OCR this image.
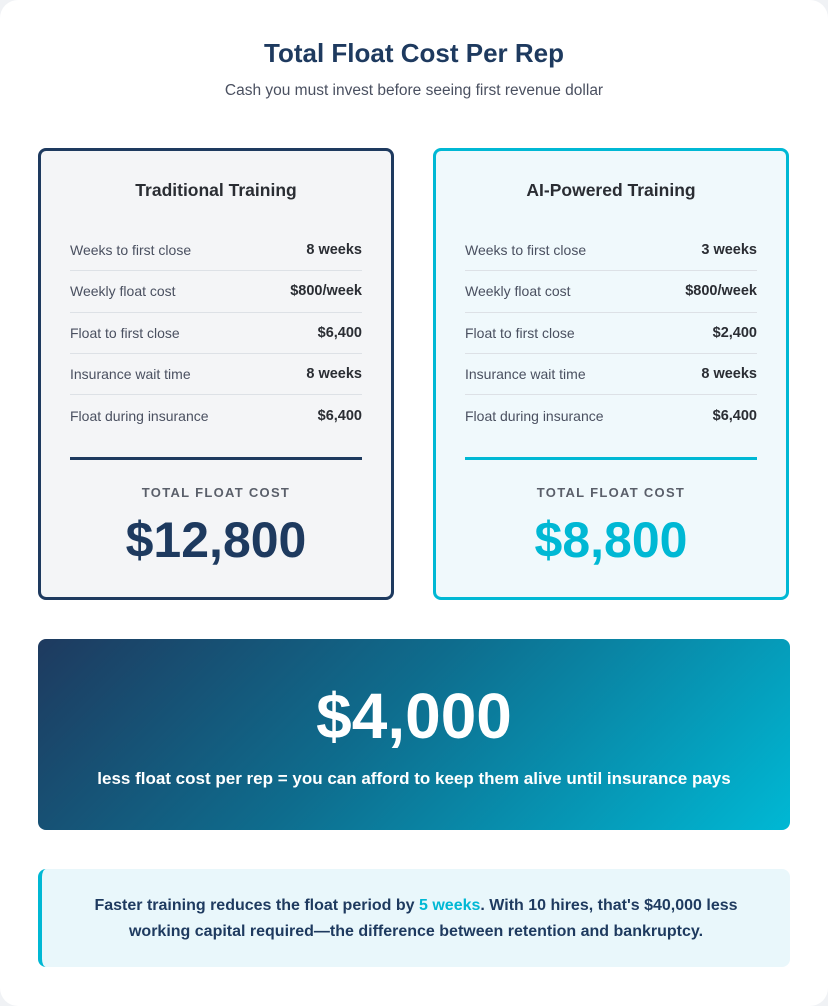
Total Float Cost Per Rep
Cash you must invest before seeing first revenue dollar
Traditional Training
Weeks to first close	8 weeks
Weekly float cost	$800/week
Float to first close	$6,400
Insurance wait time	8 weeks
Float during insurance	$6,400
TOTAL FLOAT COST
$12,800
AI-Powered Training
Weeks to first close	3 weeks
Weekly float cost	$800/week
Float to first close	$2,400
Insurance wait time	8 weeks
Float during insurance	$6,400
TOTAL FLOAT COST
$8,800
$4,000
less float cost per rep = you can afford to keep them alive until insurance pays
Faster training reduces the float period by 5 weeks. With 10 hires, that's $40,000 less working capital required—the difference between retention and bankruptcy.
